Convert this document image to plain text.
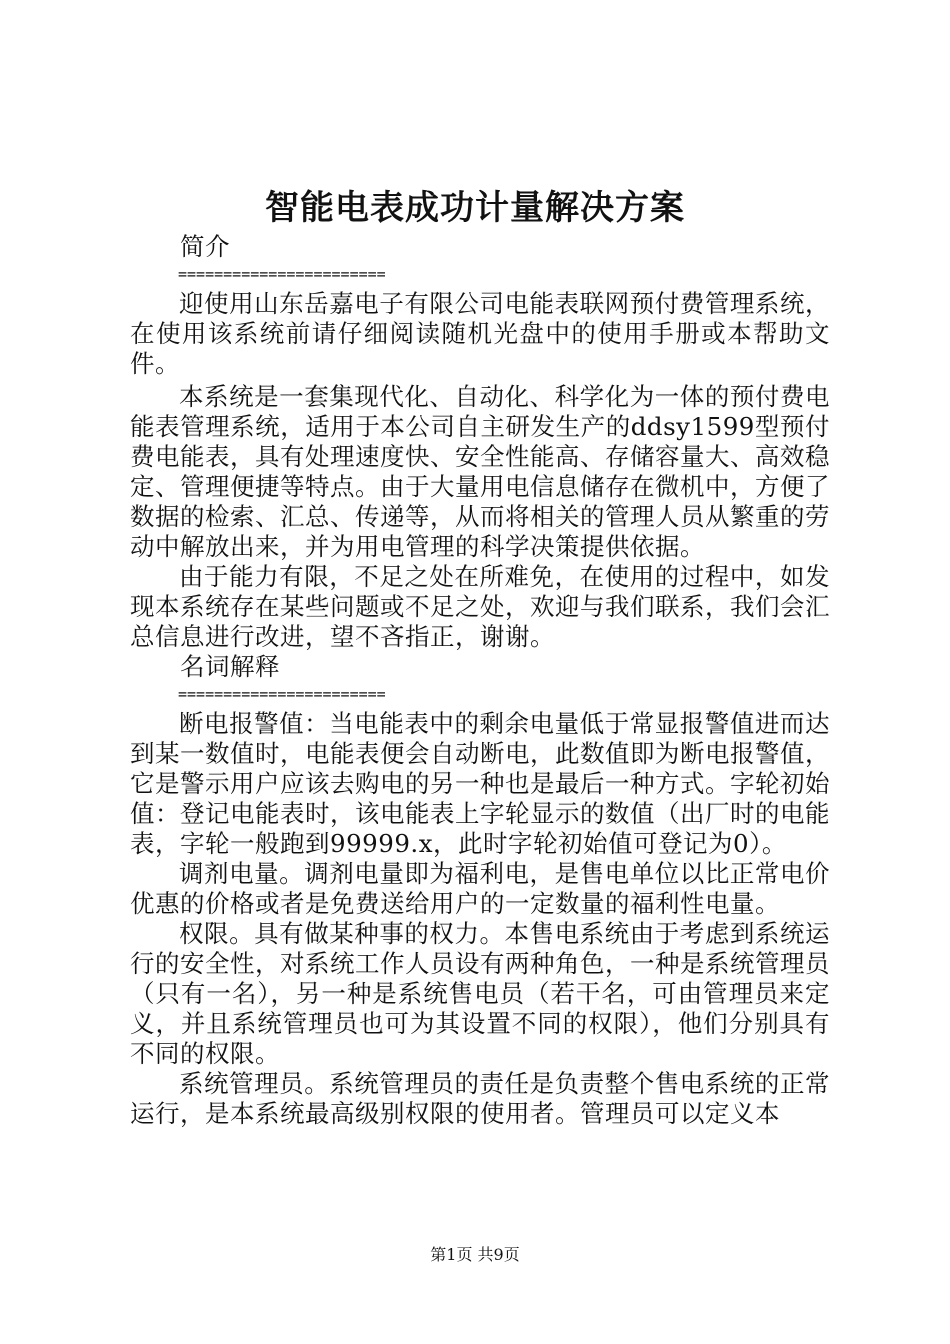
智能电表成功计量解决方案

简介

=======================

迎使用山东岳嘉电子有限公司电能表联网预付费管理系统，在使用该系统前请仔细阅读随机光盘中的使用手册或本帮助文件。

本系统是一套集现代化、自动化、科学化为一体的预付费电能表管理系统，适用于本公司自主研发生产的ddsy1599型预付费电能表，具有处理速度快、安全性能高、存储容量大、高效稳定、管理便捷等特点。由于大量用电信息储存在微机中，方便了数据的检索、汇总、传递等，从而将相关的管理人员从繁重的劳动中解放出来，并为用电管理的科学决策提供依据。

由于能力有限，不足之处在所难免，在使用的过程中，如发现本系统存在某些问题或不足之处，欢迎与我们联系，我们会汇总信息进行改进，望不吝指正，谢谢。

名词解释

=======================

断电报警值：当电能表中的剩余电量低于常显报警值进而达到某一数值时，电能表便会自动断电，此数值即为断电报警值，它是警示用户应该去购电的另一种也是最后一种方式。字轮初始值：登记电能表时，该电能表上字轮显示的数值（出厂时的电能表，字轮一般跑到99999.x，此时字轮初始值可登记为0）。

调剂电量。调剂电量即为福利电，是售电单位以比正常电价优惠的价格或者是免费送给用户的一定数量的福利性电量。

权限。具有做某种事的权力。本售电系统由于考虑到系统运行的安全性，对系统工作人员设有两种角色，一种是系统管理员（只有一名），另一种是系统售电员（若干名，可由管理员来定义，并且系统管理员也可为其设置不同的权限），他们分别具有不同的权限。

系统管理员。系统管理员的责任是负责整个售电系统的正常运行，是本系统最高级别权限的使用者。管理员可以定义本

第1页 共9页
